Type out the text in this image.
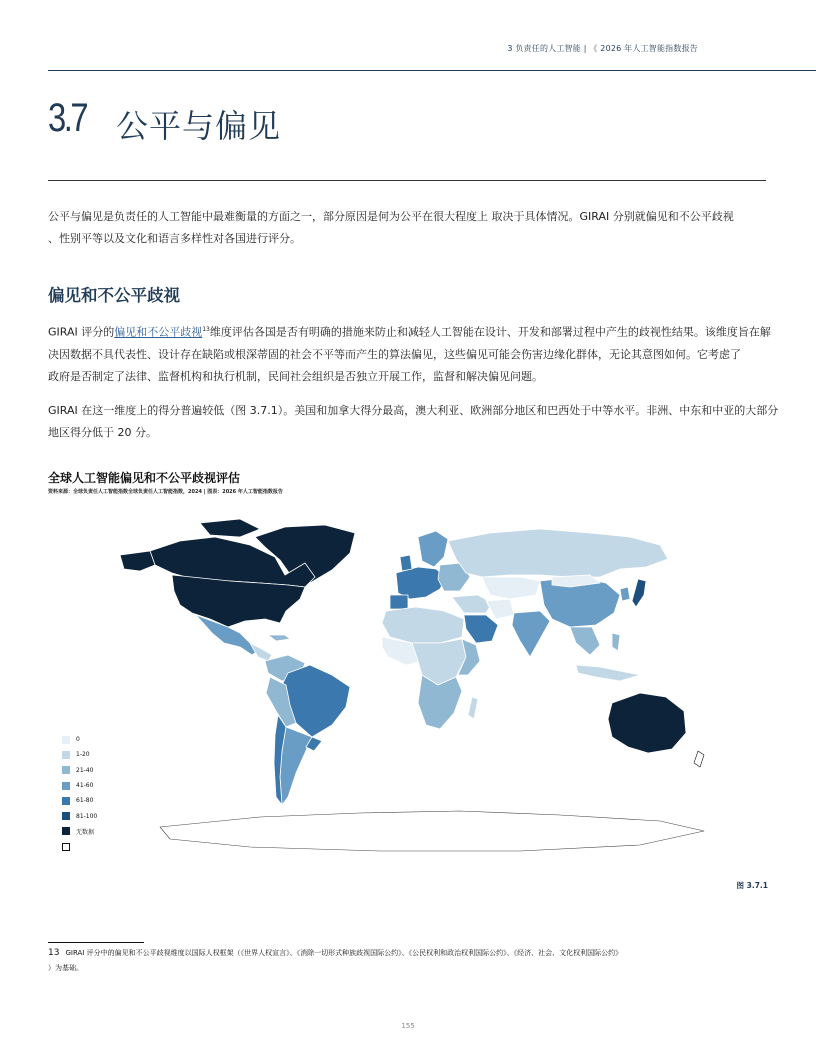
3 负责任的人工智能 | 《 2026 年人工智能指数报告
3.7 公平与偏见

公平与偏见是负责任的人工智能中最难衡量的方面之一，部分原因是何为公平在很大程度上 取决于具体情况。GIRAI 分别就偏见和不公平歧视

、性别平等以及文化和语言多样性对各国进行评分。

偏见和不公平歧视

GIRAI 评分的偏见和不公平歧视$^{13}$维度评估各国是否有明确的措施来防止和减轻人工智能在设计、开发和部署过程中产生的歧视性结果。该维度旨在解

决因数据不具代表性、设计存在缺陷或根深蒂固的社会不平等而产生的算法偏见，这些偏见可能会伤害边缘化群体，无论其意图如何。它考虑了

政府是否制定了法律、监督机构和执行机制，民间社会组织是否独立开展工作，监督和解决偏见问题。

GIRAI 在这一维度上的得分普遍较低（图 3.7.1）。美国和加拿大得分最高，澳大利亚、欧洲部分地区和巴西处于中等水平。非洲、中东和中亚的大部分

地区得分低于 20 分。

全球人工智能偏见和不公平歧视评估
资料来源：全球负责任人工智能指数全球负责任人工智能指数，2024 | 图表：2026 年人工智能指数报告
0
1-20
21-40
41-60
61-80
81-100
无数据
图 3.7.1
13 GIRAI 评分中的偏见和不公平歧视维度以国际人权框架（《世界人权宣言》、《消除一切形式种族歧视国际公约》、《公民权利和政治权利国际公约》、《经济、社会、文化权利国际公约》
）为基础。
155
